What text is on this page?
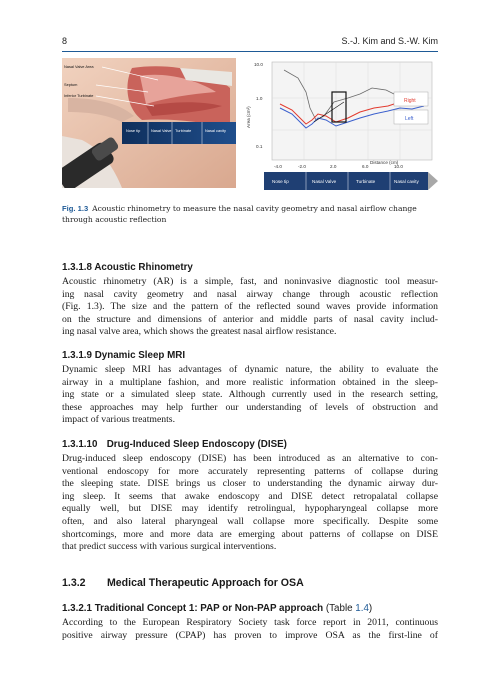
8	S.-J. Kim and S.-W. Kim
Nasal Valve Area
Septum
Inferior Turbinate
Nose tip	Nasal Valve Turbinate	Nasal cavity
Right
Left
10.0
1.0
0.1
Area (cm²)
-4.0	-2.0	2.0	6.0	10.0
Distance (cm)
Nose tip	Nasal Valve	Turbinate	Nasal cavity
Fig. 1.3 Acoustic rhinometry to measure the nasal cavity geometry and nasal airflow change through acoustic reflection
1.3.1.8 Acoustic Rhinometry
Acoustic rhinometry (AR) is a simple, fast, and noninvasive diagnostic tool measur-
ing nasal cavity geometry and nasal airway change through acoustic reflection
(Fig. 1.3). The size and the pattern of the reflected sound waves provide information
on the structure and dimensions of anterior and middle parts of nasal cavity includ-
ing nasal valve area, which shows the greatest nasal airflow resistance.
1.3.1.9 Dynamic Sleep MRI
Dynamic sleep MRI has advantages of dynamic nature, the ability to evaluate the
airway in a multiplane fashion, and more realistic information obtained in the sleep-
ing state or a simulated sleep state. Although currently used in the research setting,
these approaches may help further our understanding of levels of obstruction and
impact of various treatments.
1.3.1.10 Drug-Induced Sleep Endoscopy (DISE)
Drug-induced sleep endoscopy (DISE) has been introduced as an alternative to con-
ventional endoscopy for more accurately representing patterns of collapse during
the sleeping state. DISE brings us closer to understanding the dynamic airway dur-
ing sleep. It seems that awake endoscopy and DISE detect retropalatal collapse
equally well, but DISE may identify retrolingual, hypopharyngeal collapse more
often, and also lateral pharyngeal wall collapse more specifically. Despite some
shortcomings, more and more data are emerging about patterns of collapse on DISE
that predict success with various surgical interventions.
1.3.2 Medical Therapeutic Approach for OSA
1.3.2.1 Traditional Concept 1: PAP or Non-PAP approach (Table 1.4)
According to the European Respiratory Society task force report in 2011, continuous
positive airway pressure (CPAP) has proven to improve OSA as the first-line of
